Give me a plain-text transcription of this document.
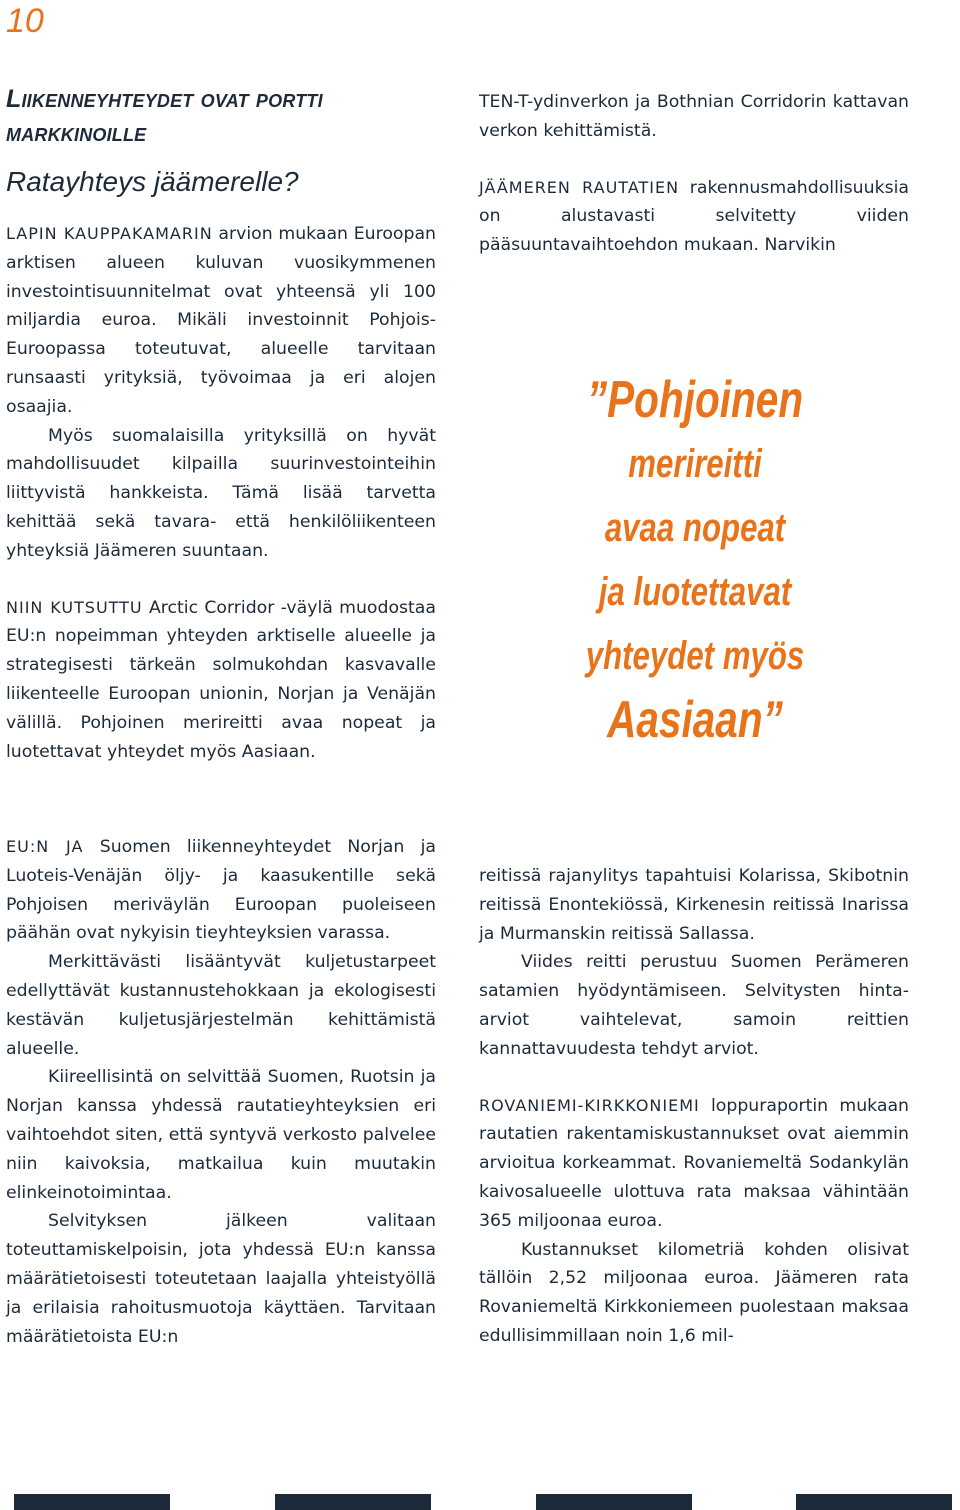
10
Liikenneyhteydet ovat portti
markkinoille
Ratayhteys jäämerelle?

LAPIN KAUPPAKAMARIN arvion mukaan Euroopan arktisen alueen kuluvan vuosikymmenen investointisuunnitelmat ovat yhteensä yli 100 miljardia euroa. Mikäli investoinnit Pohjois-Euroopassa toteutuvat, alueelle tarvitaan runsaasti yrityksiä, työvoimaa ja eri alojen osaajia.

Myös suomalaisilla yrityksillä on hyvät mahdollisuudet kilpailla suurinvestointeihin liittyvistä hankkeista. Tämä lisää tarvetta kehittää sekä tavara- että henkilöliikenteen yhteyksiä Jäämeren suuntaan.

NIIN KUTSUTTU Arctic Corridor -väylä muodostaa EU:n nopeimman yhteyden arktiselle alueelle ja strategisesti tärkeän solmukohdan kasvavalle liikenteelle Euroopan unionin, Norjan ja Venäjän välillä. Pohjoinen merireitti avaa nopeat ja luotettavat yhteydet myös Aasiaan.

EU:N JA Suomen liikenneyhteydet Norjan ja Luoteis-Venäjän öljy- ja kaasukentille sekä Pohjoisen meriväylän Euroopan puoleiseen päähän ovat nykyisin tieyhteyksien varassa.

Merkittävästi lisääntyvät kuljetustarpeet edellyttävät kustannustehokkaan ja ekologisesti kestävän kuljetusjärjestelmän kehittämistä alueelle.

Kiireellisintä on selvittää Suomen, Ruotsin ja Norjan kanssa yhdessä rautatieyhteyksien eri vaihtoehdot siten, että syntyvä verkosto palvelee niin kaivoksia, matkailua kuin muutakin elinkeinotoimintaa.

Selvityksen jälkeen valitaan toteuttamiskelpoisin, jota yhdessä EU:n kanssa määrätietoisesti toteutetaan laajalla yhteistyöllä ja erilaisia rahoitusmuotoja käyttäen. Tarvitaan määrätietoista EU:n

TEN-T-ydinverkon ja Bothnian Corridorin kattavan verkon kehittämistä.

JÄÄMEREN RAUTATIEN rakennusmahdollisuuksia on alustavasti selvitetty viiden pääsuuntavaihtoehdon mukaan. Narvikin

”Pohjoinen
merireitti
avaa nopeat
ja luotettavat
yhteydet myös
Aasiaan”

reitissä rajanylitys tapahtuisi Kolarissa, Skibotnin reitissä Enontekiössä, Kirkenesin reitissä Inarissa ja Murmanskin reitissä Sallassa.

Viides reitti perustuu Suomen Perämeren satamien hyödyntämiseen. Selvitysten hinta-arviot vaihtelevat, samoin reittien kannattavuudesta tehdyt arviot.

ROVANIEMI-KIRKKONIEMI loppuraportin mukaan rautatien rakentamiskustannukset ovat aiemmin arvioitua korkeammat. Rovaniemeltä Sodankylän kaivosalueelle ulottuva rata maksaa vähintään 365 miljoonaa euroa.

Kustannukset kilometriä kohden olisivat tällöin 2,52 miljoonaa euroa. Jäämeren rata Rovaniemeltä Kirkkoniemeen puolestaan maksaa edullisimmillaan noin 1,6 mil-
